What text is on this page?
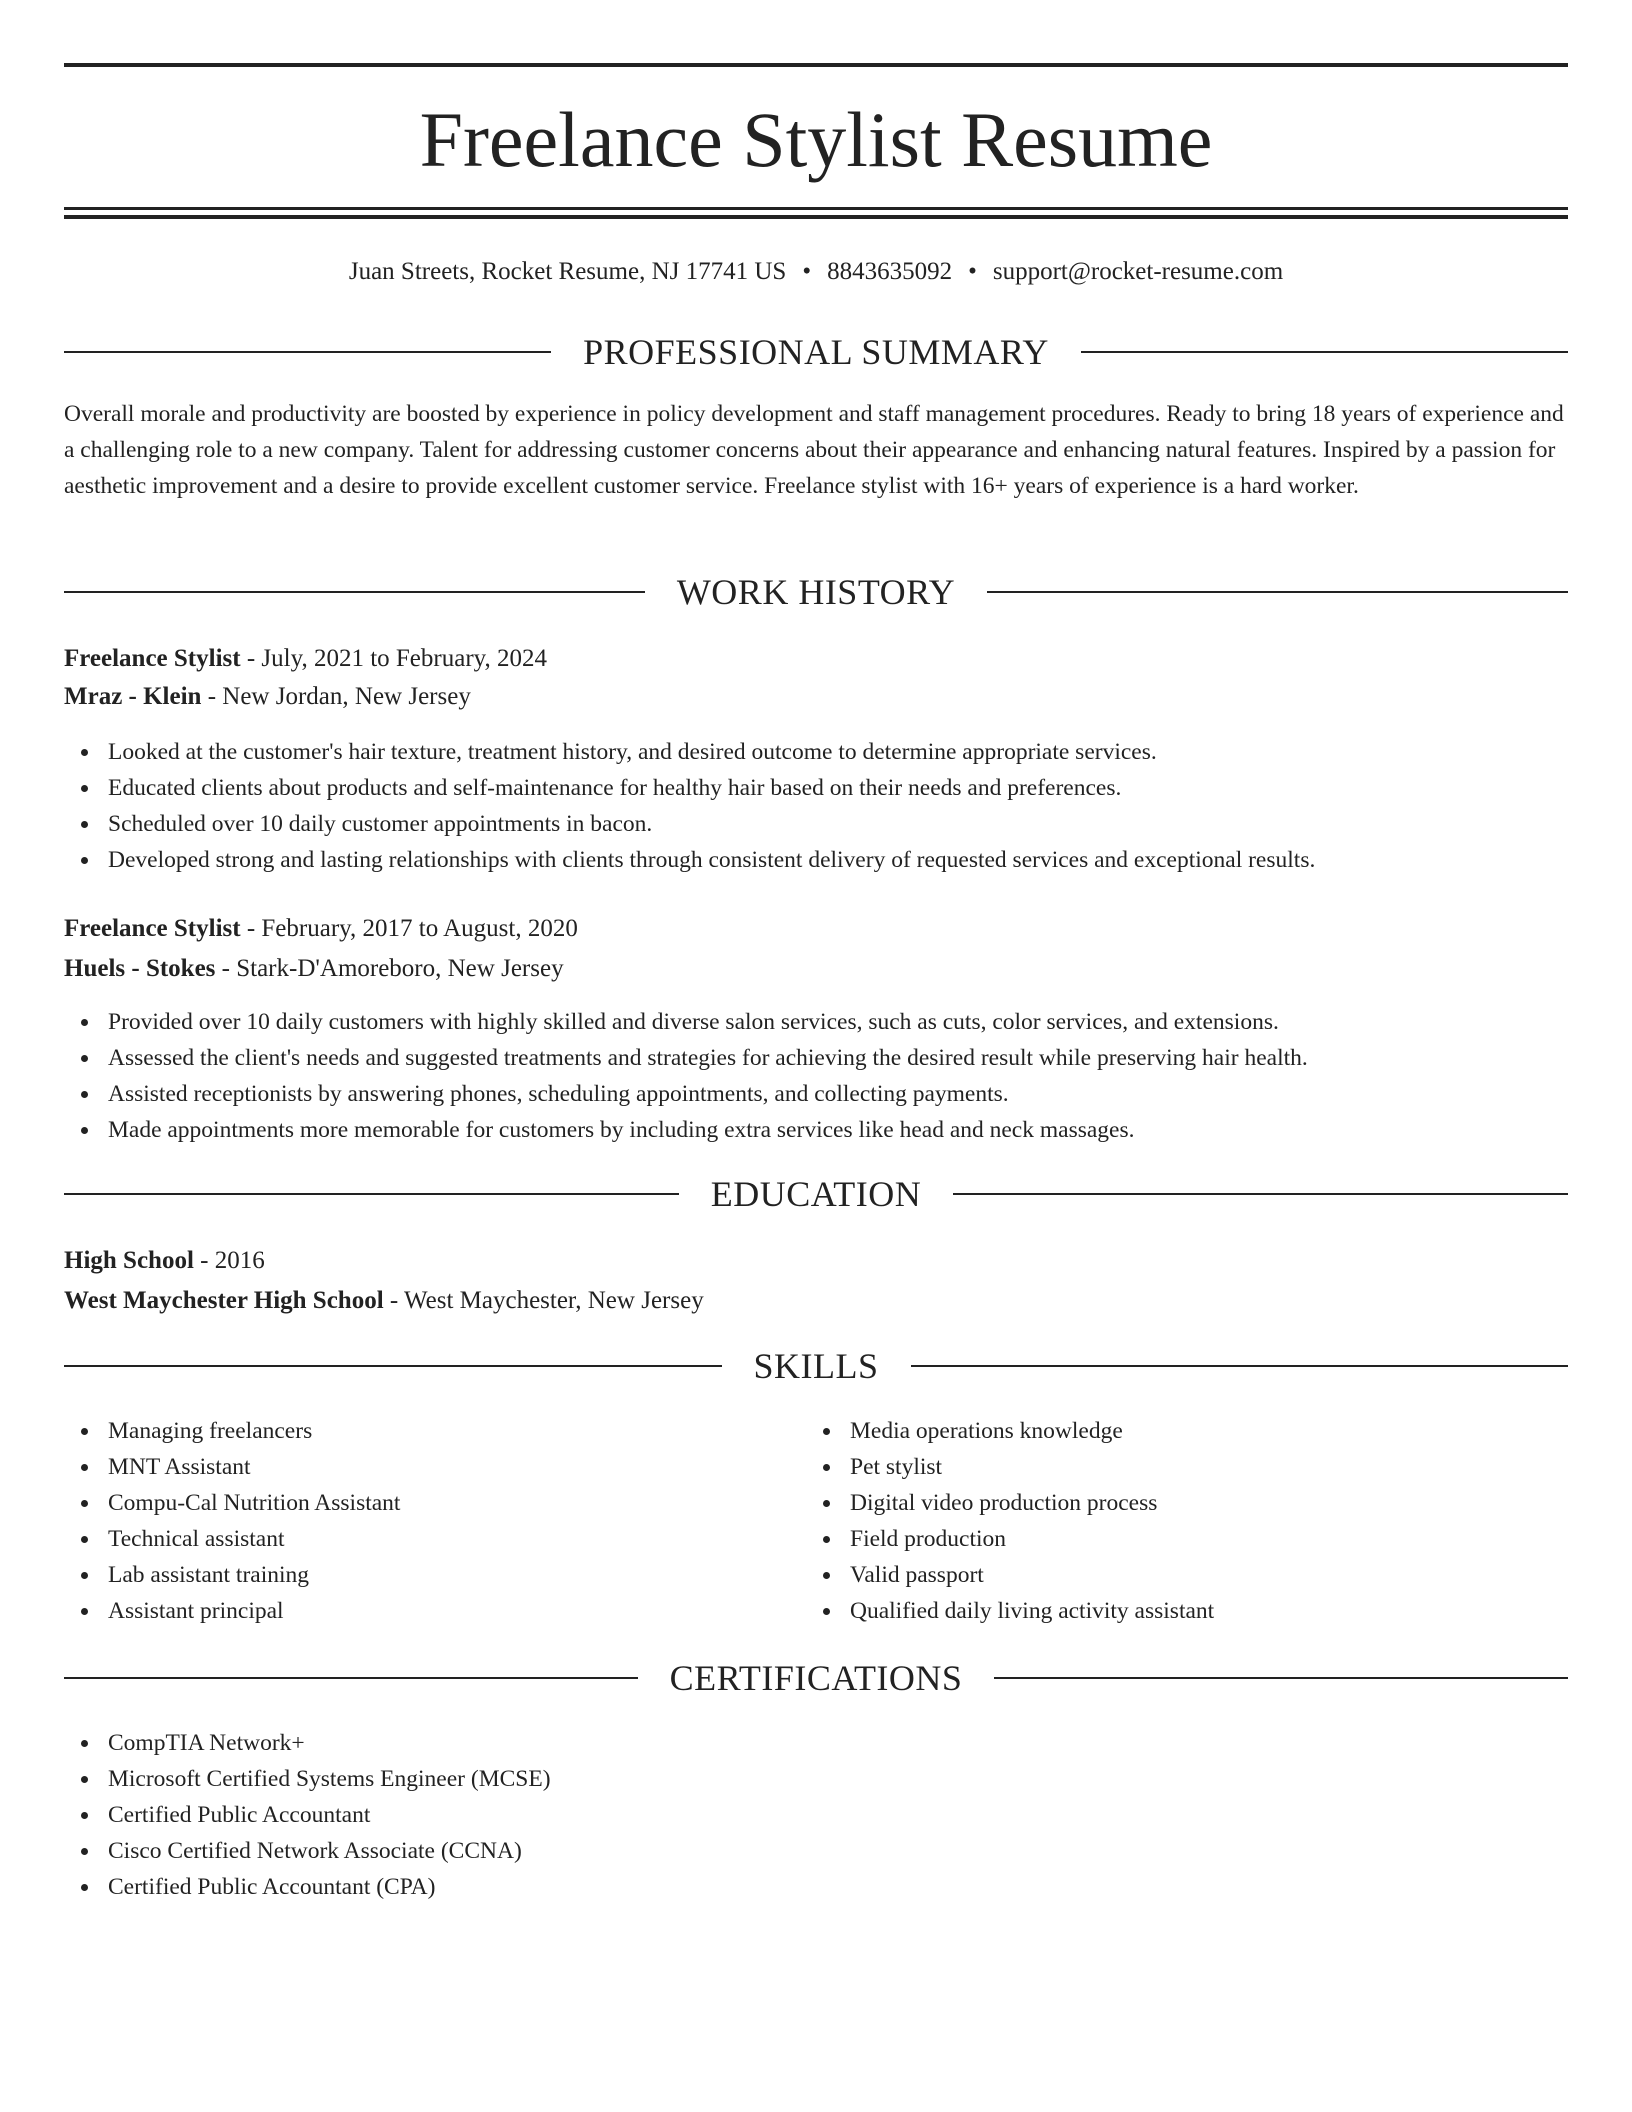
Freelance Stylist Resume
Juan Streets, Rocket Resume, NJ 17741 US • 8843635092 • support@rocket-resume.com
PROFESSIONAL SUMMARY

Overall morale and productivity are boosted by experience in policy development and staff management procedures. Ready to bring 18 years of experience and a challenging role to a new company. Talent for addressing customer concerns about their appearance and enhancing natural features. Inspired by a passion for aesthetic improvement and a desire to provide excellent customer service. Freelance stylist with 16+ years of experience is a hard worker.

WORK HISTORY
Freelance Stylist - July, 2021 to February, 2024
Mraz - Klein - New Jordan, New Jersey
Looked at the customer's hair texture, treatment history, and desired outcome to determine appropriate services.
Educated clients about products and self-maintenance for healthy hair based on their needs and preferences.
Scheduled over 10 daily customer appointments in bacon.
Developed strong and lasting relationships with clients through consistent delivery of requested services and exceptional results.
Freelance Stylist - February, 2017 to August, 2020
Huels - Stokes - Stark-D'Amoreboro, New Jersey
Provided over 10 daily customers with highly skilled and diverse salon services, such as cuts, color services, and extensions.
Assessed the client's needs and suggested treatments and strategies for achieving the desired result while preserving hair health.
Assisted receptionists by answering phones, scheduling appointments, and collecting payments.
Made appointments more memorable for customers by including extra services like head and neck massages.
EDUCATION
High School - 2016
West Maychester High School - West Maychester, New Jersey
SKILLS
Managing freelancers
MNT Assistant
Compu-Cal Nutrition Assistant
Technical assistant
Lab assistant training
Assistant principal
Media operations knowledge
Pet stylist
Digital video production process
Field production
Valid passport
Qualified daily living activity assistant
CERTIFICATIONS
CompTIA Network+
Microsoft Certified Systems Engineer (MCSE)
Certified Public Accountant
Cisco Certified Network Associate (CCNA)
Certified Public Accountant (CPA)
